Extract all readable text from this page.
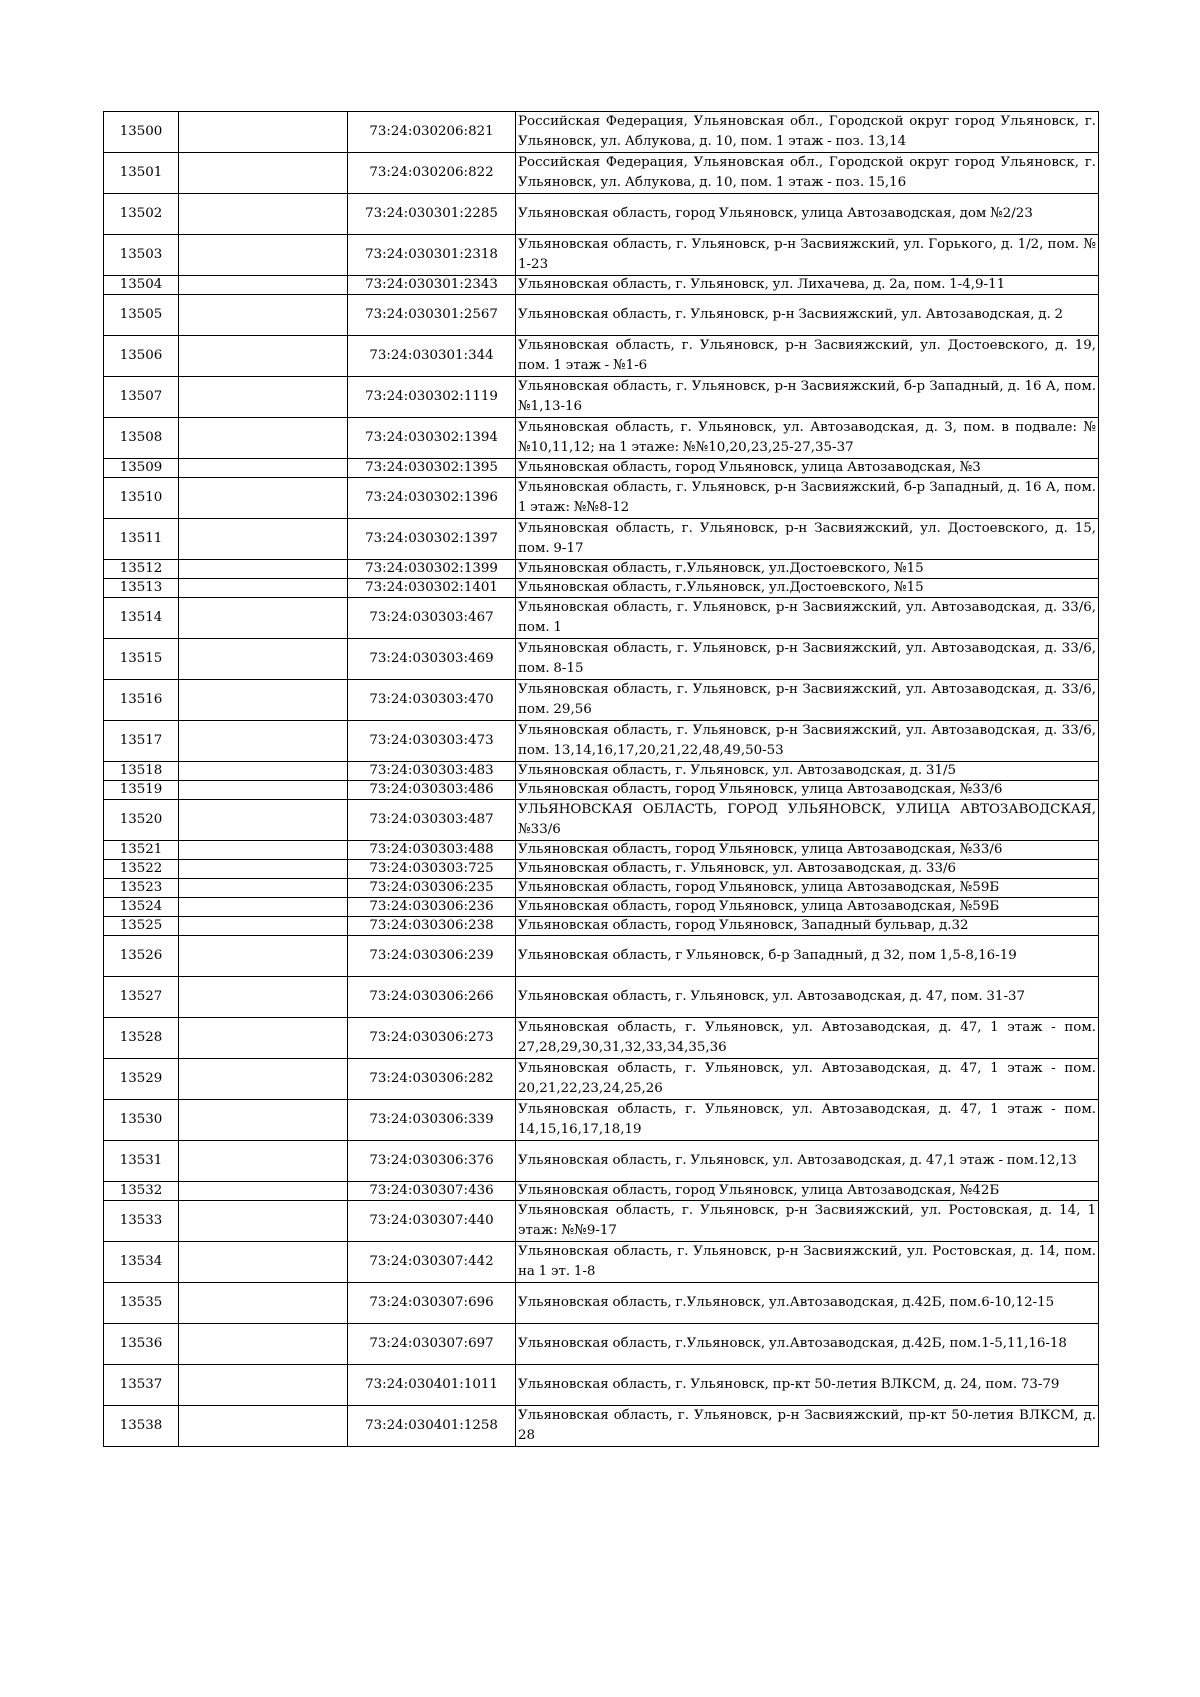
13500		73:24:030206:821	Российская Федерация, Ульяновская обл., Городской округ город Ульяновск, г. Ульяновск, ул. Аблукова, д. 10, пом. 1 этаж - поз. 13,14
13501		73:24:030206:822	Российская Федерация, Ульяновская обл., Городской округ город Ульяновск, г. Ульяновск, ул. Аблукова, д. 10, пом. 1 этаж - поз. 15,16
13502		73:24:030301:2285	Ульяновская область, город Ульяновск, улица Автозаводская, дом №2/23
13503		73:24:030301:2318	Ульяновская область, г. Ульяновск, р-н Засвияжский, ул. Горького, д. 1/2, пом. № 1-23
13504		73:24:030301:2343	Ульяновская область, г. Ульяновск, ул. Лихачева, д. 2а, пом. 1-4,9-11
13505		73:24:030301:2567	Ульяновская область, г. Ульяновск, р-н Засвияжский, ул. Автозаводская, д. 2
13506		73:24:030301:344	Ульяновская область, г. Ульяновск, р-н Засвияжский, ул. Достоевского, д. 19, пом. 1 этаж - №1-6
13507		73:24:030302:1119	Ульяновская область, г. Ульяновск, р-н Засвияжский, б-р Западный, д. 16 А, пом. №1,13-16
13508		73:24:030302:1394	Ульяновская область, г. Ульяновск, ул. Автозаводская, д. 3, пом. в подвале: №№10,11,12; на 1 этаже: №№10,20,23,25-27,35-37
13509		73:24:030302:1395	Ульяновская область, город Ульяновск, улица Автозаводская, №3
13510		73:24:030302:1396	Ульяновская область, г. Ульяновск, р-н Засвияжский, б-р Западный, д. 16 А, пом. 1 этаж: №№8-12
13511		73:24:030302:1397	Ульяновская область, г. Ульяновск, р-н Засвияжский, ул. Достоевского, д. 15, пом. 9-17
13512		73:24:030302:1399	Ульяновская область, г.Ульяновск, ул.Достоевского, №15
13513		73:24:030302:1401	Ульяновская область, г.Ульяновск, ул.Достоевского, №15
13514		73:24:030303:467	Ульяновская область, г. Ульяновск, р-н Засвияжский, ул. Автозаводская, д. 33/6, пом. 1
13515		73:24:030303:469	Ульяновская область, г. Ульяновск, р-н Засвияжский, ул. Автозаводская, д. 33/6, пом. 8-15
13516		73:24:030303:470	Ульяновская область, г. Ульяновск, р-н Засвияжский, ул. Автозаводская, д. 33/6, пом. 29,56
13517		73:24:030303:473	Ульяновская область, г. Ульяновск, р-н Засвияжский, ул. Автозаводская, д. 33/6, пом. 13,14,16,17,20,21,22,48,49,50-53
13518		73:24:030303:483	Ульяновская область, г. Ульяновск, ул. Автозаводская, д. 31/5
13519		73:24:030303:486	Ульяновская область, город Ульяновск, улица Автозаводская, №33/6
13520		73:24:030303:487	УЛЬЯНОВСКАЯ ОБЛАСТЬ, ГОРОД УЛЬЯНОВСК, УЛИЦА АВТОЗАВОДСКАЯ, №33/6
13521		73:24:030303:488	Ульяновская область, город Ульяновск, улица Автозаводская, №33/6
13522		73:24:030303:725	Ульяновская область, г. Ульяновск, ул. Автозаводская, д. 33/6
13523		73:24:030306:235	Ульяновская область, город Ульяновск, улица Автозаводская, №59Б
13524		73:24:030306:236	Ульяновская область, город Ульяновск, улица Автозаводская, №59Б
13525		73:24:030306:238	Ульяновская область, город Ульяновск, Западный бульвар, д.32
13526		73:24:030306:239	Ульяновская область, г Ульяновск, б-р Западный, д 32, пом 1,5-8,16-19
13527		73:24:030306:266	Ульяновская область, г. Ульяновск, ул. Автозаводская, д. 47, пом. 31-37
13528		73:24:030306:273	Ульяновская область, г. Ульяновск, ул. Автозаводская, д. 47, 1 этаж - пом. 27,28,29,30,31,32,33,34,35,36
13529		73:24:030306:282	Ульяновская область, г. Ульяновск, ул. Автозаводская, д. 47, 1 этаж - пом. 20,21,22,23,24,25,26
13530		73:24:030306:339	Ульяновская область, г. Ульяновск, ул. Автозаводская, д. 47, 1 этаж - пом. 14,15,16,17,18,19
13531		73:24:030306:376	Ульяновская область, г. Ульяновск, ул. Автозаводская, д. 47,1 этаж - пом.12,13
13532		73:24:030307:436	Ульяновская область, город Ульяновск, улица Автозаводская, №42Б
13533		73:24:030307:440	Ульяновская область, г. Ульяновск, р-н Засвияжский, ул. Ростовская, д. 14, 1 этаж: №№9-17
13534		73:24:030307:442	Ульяновская область, г. Ульяновск, р-н Засвияжский, ул. Ростовская, д. 14, пом. на 1 эт. 1-8
13535		73:24:030307:696	Ульяновская область, г.Ульяновск, ул.Автозаводская, д.42Б, пом.6-10,12-15
13536		73:24:030307:697	Ульяновская область, г.Ульяновск, ул.Автозаводская, д.42Б, пом.1-5,11,16-18
13537		73:24:030401:1011	Ульяновская область, г. Ульяновск, пр-кт 50-летия ВЛКСМ, д. 24, пом. 73-79
13538		73:24:030401:1258	Ульяновская область, г. Ульяновск, р-н Засвияжский, пр-кт 50-летия ВЛКСМ, д. 28
